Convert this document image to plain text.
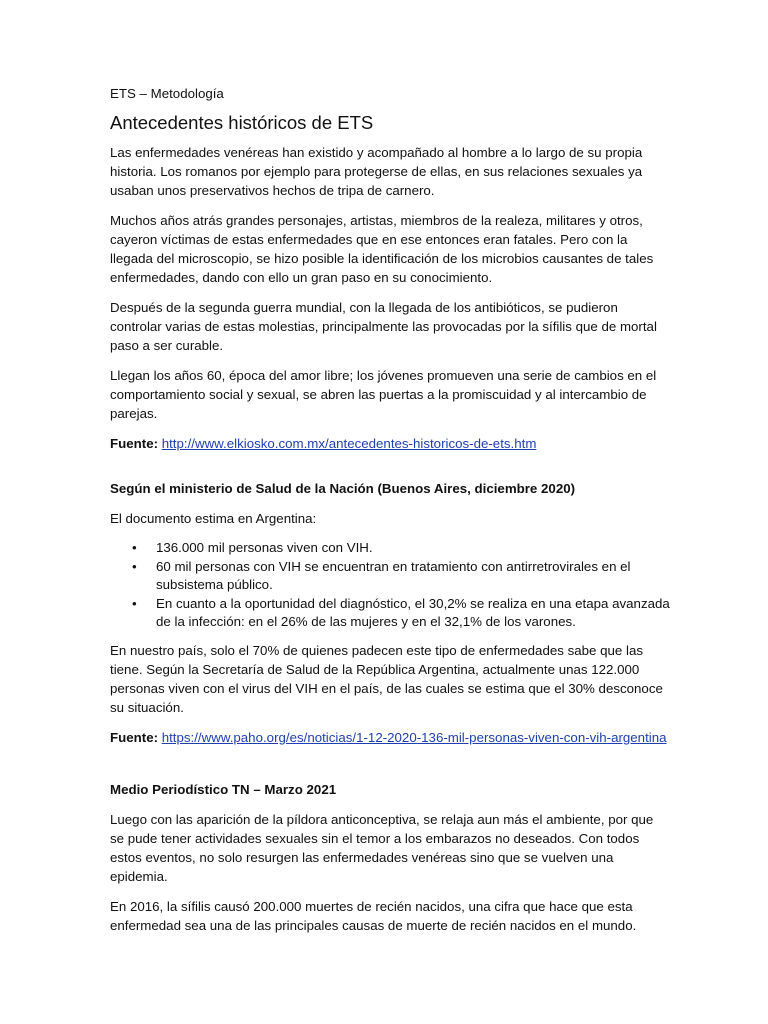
ETS – Metodología
Antecedentes históricos de ETS

Las enfermedades venéreas han existido y acompañado al hombre a lo largo de su propia historia. Los romanos por ejemplo para protegerse de ellas, en sus relaciones sexuales ya usaban unos preservativos hechos de tripa de carnero.

Muchos años atrás grandes personajes, artistas, miembros de la realeza, militares y otros, cayeron víctimas de estas enfermedades que en ese entonces eran fatales. Pero con la llegada del microscopio, se hizo posible la identificación de los microbios causantes de tales enfermedades, dando con ello un gran paso en su conocimiento.

Después de la segunda guerra mundial, con la llegada de los antibióticos, se pudieron controlar varias de estas molestias, principalmente las provocadas por la sífilis que de mortal paso a ser curable.

Llegan los años 60, época del amor libre; los jóvenes promueven una serie de cambios en el comportamiento social y sexual, se abren las puertas a la promiscuidad y al intercambio de parejas.

Fuente: http://www.elkiosko.com.mx/antecedentes-historicos-de-ets.htm

Según el ministerio de Salud de la Nación (Buenos Aires, diciembre 2020)

El documento estima en Argentina:

• 136.000 mil personas viven con VIH.
• 60 mil personas con VIH se encuentran en tratamiento con antirretrovirales en el subsistema público.
• En cuanto a la oportunidad del diagnóstico, el 30,2% se realiza en una etapa avanzada de la infección: en el 26% de las mujeres y en el 32,1% de los varones.

En nuestro país, solo el 70% de quienes padecen este tipo de enfermedades sabe que las tiene. Según la Secretaría de Salud de la República Argentina, actualmente unas 122.000 personas viven con el virus del VIH en el país, de las cuales se estima que el 30% desconoce su situación.

Fuente: https://www.paho.org/es/noticias/1-12-2020-136-mil-personas-viven-con-vih-argentina

Medio Periodístico TN – Marzo 2021

Luego con las aparición de la píldora anticonceptiva, se relaja aun más el ambiente, por que se pude tener actividades sexuales sin el temor a los embarazos no deseados. Con todos estos eventos, no solo resurgen las enfermedades venéreas sino que se vuelven una epidemia.

En 2016, la sífilis causó 200.000 muertes de recién nacidos, una cifra que hace que esta enfermedad sea una de las principales causas de muerte de recién nacidos en el mundo.
